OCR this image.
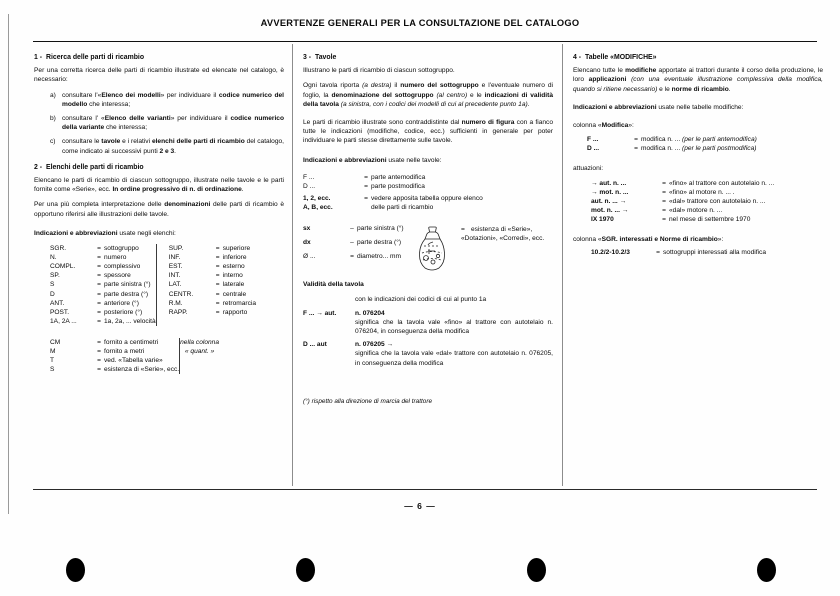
AVVERTENZE GENERALI PER LA CONSULTAZIONE DEL CATALOGO
1 - Ricerca delle parti di ricambio

Per una corretta ricerca delle parti di ricambio illustrate ed elencate nel catalogo, è necessario:

a) consultare l'«Elenco dei modelli» per individuare il codice numerico del modello che interessa;
b) consultare l' «Elenco delle varianti» per individuare il codice numerico della variante che interessa;
c) consultare le tavole e i relativi elenchi delle parti di ricambio del catalogo, come indicato ai successivi punti 2 e 3.
2 - Elenchi delle parti di ricambio

Elencano le parti di ricambio di ciascun sottogruppo, illustrate nelle tavole e le parti fornite come «Serie», ecc. In ordine progressivo di n. di ordinazione.

Per una più completa interpretazione delle denominazioni delle parti di ricambio è opportuno riferirsi alle illustrazioni delle tavole.

Indicazioni e abbreviazioni usate negli elenchi:

SGR.	=	sottogruppo			SUP.	=	superiore
N.	=	numero		INF.	=	inferiore
COMPL.	=	complessivo		EST.	=	esterno
SP.	=	spessore		INT.	=	interno
S	=	parte sinistra (°)		LAT.	=	laterale
D	=	parte destra (°)		CENTR.	=	centrale
ANT.	=	anteriore (°)		R.M.	=	retromarcia
POST.	=	posteriore (°)		RAPP.	=	rapporto
1A, 2A ...	=	1a, 2a, ... velocità				
CM	=	fornito a centimetri		nella colonna
« quant. »
M	=	fornito a metri	
T	=	ved. «Tabella varie»	
S	=	esistenza di «Serie», ecc.	
3 - Tavole

Illustrano le parti di ricambio di ciascun sottogruppo.

Ogni tavola riporta (a destra) il numero del sottogruppo e l'eventuale numero di foglio, la denominazione del sottogruppo (al centro) e le indicazioni di validità della tavola (a sinistra, con i codici dei modelli di cui al precedente punto 1a).

Le parti di ricambio illustrate sono contraddistinte dal numero di figura con a fianco tutte le indicazioni (modifiche, codice, ecc.) sufficienti in generale per poter individuare le parti stesse direttamente sulle tavole.

Indicazioni e abbreviazioni usate nelle tavole:

F ...	=	parte antemodifica
D ...	=	parte postmodifica
1, 2, ecc.	=	vedere apposita tabella oppure elenco
A, B, ecc.		delle parti di ricambio
sx	–	parte sinistra (°)
dx	–	parte destra (°)
Ø ...	=	diametro... mm
= esistenza di «Serie», «Dotazioni», «Corredi», ecc.

Validità della tavola

	con le indicazioni dei codici di cui al punto 1a
F ... → aut.	n. 076204
significa che la tavola vale «fino» al trattore con autotelaio n. 076204, in conseguenza della modifica

D ... aut	n. 076205 →
significa che la tavola vale «dal» trattore con autotelaio n. 076205, in conseguenza della modifica

(°) rispetto alla direzione di marcia del trattore

4 - Tabelle «MODIFICHE»

Elencano tutte le modifiche apportate ai trattori durante il corso della produzione, le loro applicazioni (con una eventuale illustrazione complessiva della modifica, quando si ritiene necessario) e le norme di ricambio.

Indicazioni e abbreviazioni usate nelle tabelle modifiche:

colonna «Modifica»:

F ...	=	modifica n. ... (per le parti antemodifica)
D ...	=	modifica n. ... (per le parti postmodifica)

attuazioni:

→ aut. n. ...	=	«fino» al trattore con autotelaio n. ...
→ mot. n. ...	=	«fino» al motore n. ... .
aut. n. ... →	=	«dal» trattore con autotelaio n. ...
mot. n. ... →	=	«dal» motore n. ...
IX 1970	=	nel mese di settembre 1970

colonna «SGR. interessati e Norme di ricambio»:

10.2/2-10.2/3	=	sottogruppi interessati alla modifica
— 6 —
